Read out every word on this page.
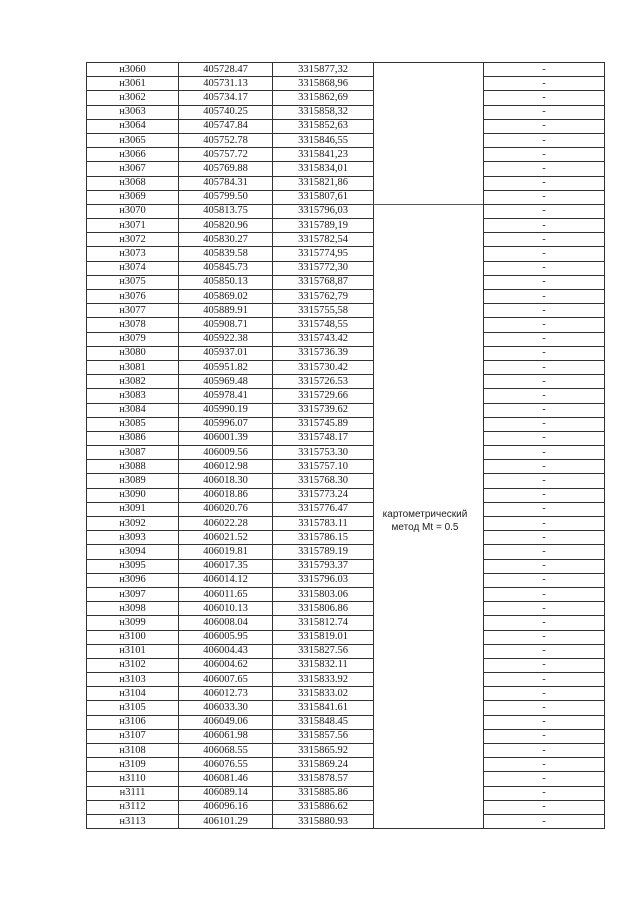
н3060	405728.47	3315877,32		-
н3061	405731.13	3315868,96		-
н3062	405734.17	3315862,69		-
н3063	405740.25	3315858,32		-
н3064	405747.84	3315852,63		-
н3065	405752.78	3315846,55		-
н3066	405757.72	3315841,23		-
н3067	405769.88	3315834,01		-
н3068	405784.31	3315821,86		-
н3069	405799.50	3315807,61		-
н3070	405813.75	3315796,03		-
н3071	405820.96	3315789,19		-
н3072	405830.27	3315782,54		-
н3073	405839.58	3315774,95		-
н3074	405845.73	3315772,30		-
н3075	405850.13	3315768,87		-
н3076	405869.02	3315762,79		-
н3077	405889.91	3315755,58		-
н3078	405908.71	3315748,55		-
н3079	405922.38	3315743.42		-
н3080	405937.01	3315736.39		-
н3081	405951.82	3315730.42		-
н3082	405969.48	3315726.53		-
н3083	405978.41	3315729.66		-
н3084	405990.19	3315739.62		-
н3085	405996.07	3315745.89		-
н3086	406001.39	3315748.17		-
н3087	406009.56	3315753.30		-
н3088	406012.98	3315757.10		-
н3089	406018.30	3315768.30		-
н3090	406018.86	3315773.24		-
н3091	406020.76	3315776.47		-
н3092	406022.28	3315783.11		-
н3093	406021.52	3315786.15		-
н3094	406019.81	3315789.19		-
н3095	406017.35	3315793.37		-
н3096	406014.12	3315796.03		-
н3097	406011.65	3315803.06		-
н3098	406010.13	3315806.86		-
н3099	406008.04	3315812.74		-
н3100	406005.95	3315819.01		-
н3101	406004.43	3315827.56		-
н3102	406004.62	3315832.11		-
н3103	406007.65	3315833.92		-
н3104	406012.73	3315833.02		-
н3105	406033.30	3315841.61		-
н3106	406049.06	3315848.45		-
н3107	406061.98	3315857.56		-
н3108	406068.55	3315865.92		-
н3109	406076.55	3315869.24		-
н3110	406081.46	3315878.57		-
н3111	406089.14	3315885.86		-
н3112	406096.16	3315886.62		-
н3113	406101.29	3315880.93		-
картометрический
метод Mt = 0.5
